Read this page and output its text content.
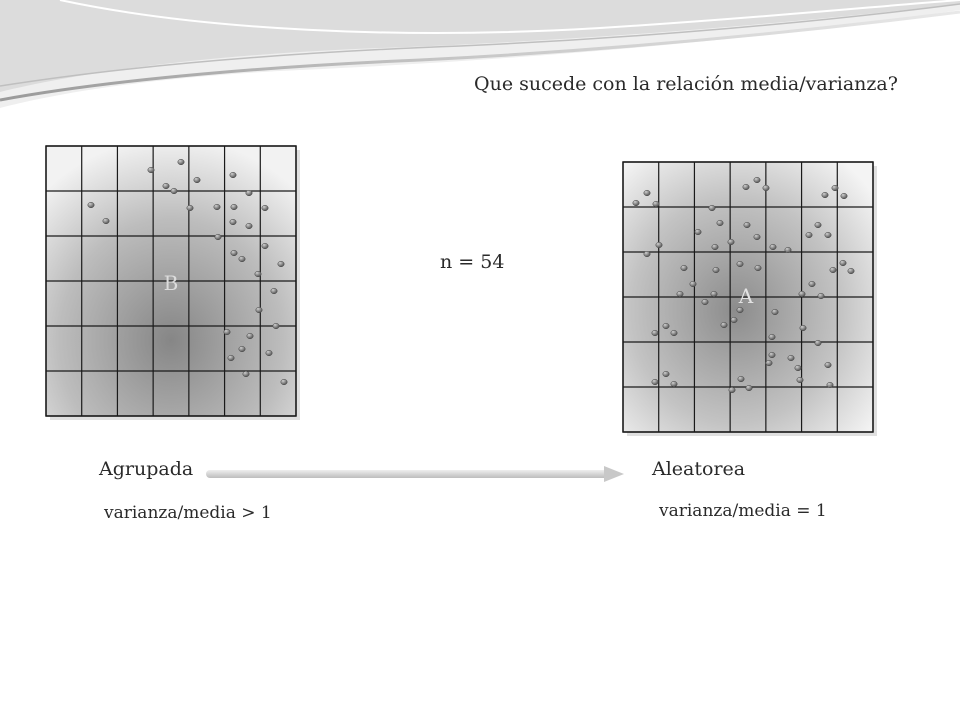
B
A
Que sucede con la relación media/varianza?
n = 54
Agrupada	Aleatorea
varianza/media > 1	varianza/media = 1
